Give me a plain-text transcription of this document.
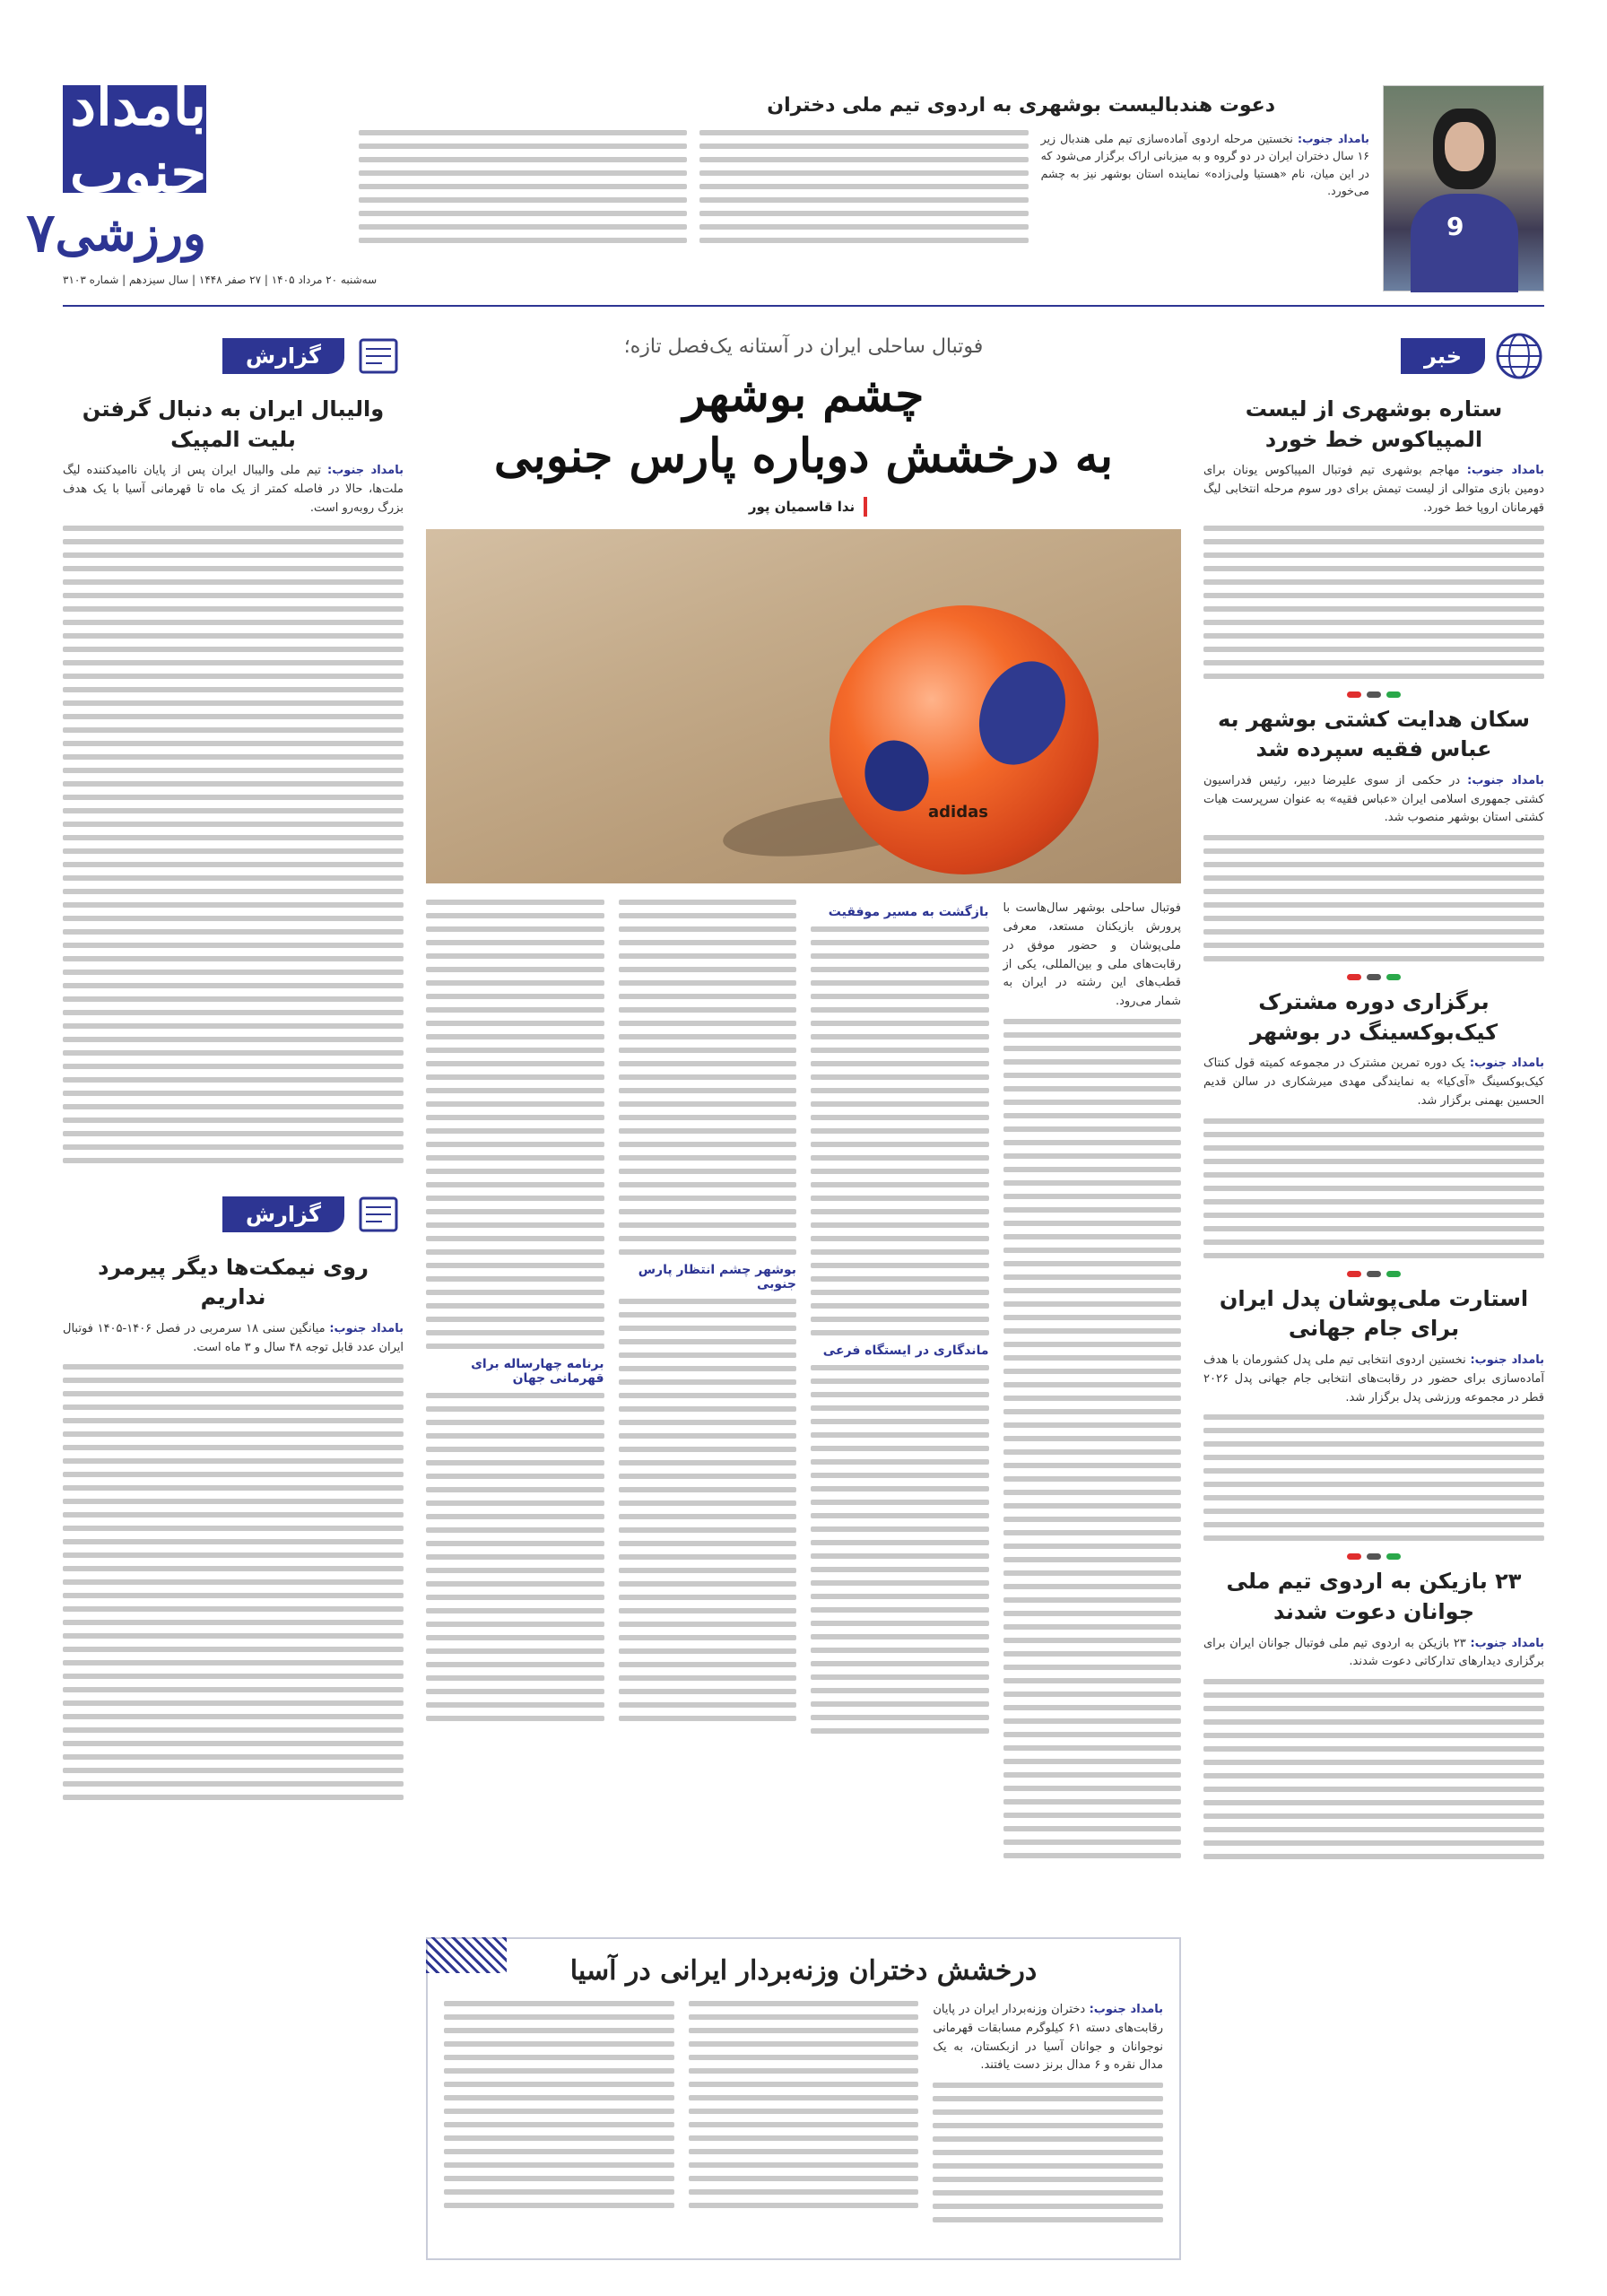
بامداد جنوب
ورزشی
۷
سه‌شنبه ۲۰ مرداد ۱۴۰۵ | ۲۷ صفر ۱۴۴۸ | سال سیزدهم | شماره ۳۱۰۳
دعوت هندبالیست بوشهری به اردوی تیم ملی دختران
9

بامداد جنوب: نخستین مرحله اردوی آماده‌سازی تیم ملی هندبال زیر ۱۶ سال دختران ایران در دو گروه و به میزبانی اراک برگزار می‌شود که در این میان، نام «هستیا ولی‌زاده» نماینده استان بوشهر نیز به چشم می‌خورد.

خبر
ستاره بوشهری از لیست المپیاکوس خط خورد
بامداد جنوب: مهاجم بوشهری تیم فوتبال المپیاکوس یونان برای دومین بازی متوالی از لیست تیمش برای دور سوم مرحله انتخابی لیگ قهرمانان اروپا خط خورد.
سکان هدایت کشتی بوشهر به عباس فقیه سپرده شد
بامداد جنوب: در حکمی از سوی علیرضا دبیر، رئیس فدراسیون کشتی جمهوری اسلامی ایران «عباس فقیه» به عنوان سرپرست هیات کشتی استان بوشهر منصوب شد.
برگزاری دوره مشترک کیک‌بوکسینگ در بوشهر
بامداد جنوب: یک دوره تمرین مشترک در مجموعه کمیته قول کنتاک کیک‌بوکسینگ «آی‌کیا» به نمایندگی مهدی میرشکاری در سالن قدیم الحسین بهمنی برگزار شد.
استارت ملی‌پوشان پدل ایران برای جام جهانی
بامداد جنوب: نخستین اردوی انتخابی تیم ملی پدل کشورمان با هدف آماده‌سازی برای حضور در رقابت‌های انتخابی جام جهانی پدل ۲۰۲۶ قطر در مجموعه ورزشی پدل برگزار شد.
۲۳ بازیکن به اردوی تیم ملی جوانان دعوت شدند
بامداد جنوب: ۲۳ بازیکن به اردوی تیم ملی فوتبال جوانان ایران برای برگزاری دیدارهای تدارکاتی دعوت شدند.
گزارش
والیبال ایران به دنبال گرفتن بلیت المپیک
بامداد جنوب: تیم ملی والیبال ایران پس از پایان ناامیدکننده لیگ ملت‌ها، حالا در فاصله کمتر از یک ماه تا قهرمانی آسیا با یک هدف بزرگ روبه‌رو است.
گزارش
روی نیمکت‌ها دیگر پیرمرد نداریم
بامداد جنوب: میانگین سنی ۱۸ سرمربی در فصل ۱۴۰۶-۱۴۰۵ فوتبال ایران عدد قابل توجه ۴۸ سال و ۳ ماه است.
فوتبال ساحلی ایران در آستانه یک‌فصل تازه؛
چشم بوشهر
به درخشش دوباره پارس جنوبی
ندا قاسمیان پور
adidas
فوتبال ساحلی بوشهر سال‌هاست با پرورش بازیکنان مستعد، معرفی ملی‌پوشان و حضور موفق در رقابت‌های ملی و بین‌المللی، یکی از قطب‌های این رشته در ایران به شمار می‌رود.
بازگشت به مسیر موفقیت
ماندگاری در ایستگاه فرعی
بوشهر چشم انتظار پارس جنوبی
برنامه چهارساله برای قهرمانی جهان
درخشش دختران وزنه‌بردار ایرانی در آسیا
بامداد جنوب: دختران وزنه‌بردار ایران در پایان رقابت‌های دسته ۶۱ کیلوگرم مسابقات قهرمانی نوجوانان و جوانان آسیا در ازبکستان، به یک مدال نقره و ۶ مدال برنز دست یافتند.
